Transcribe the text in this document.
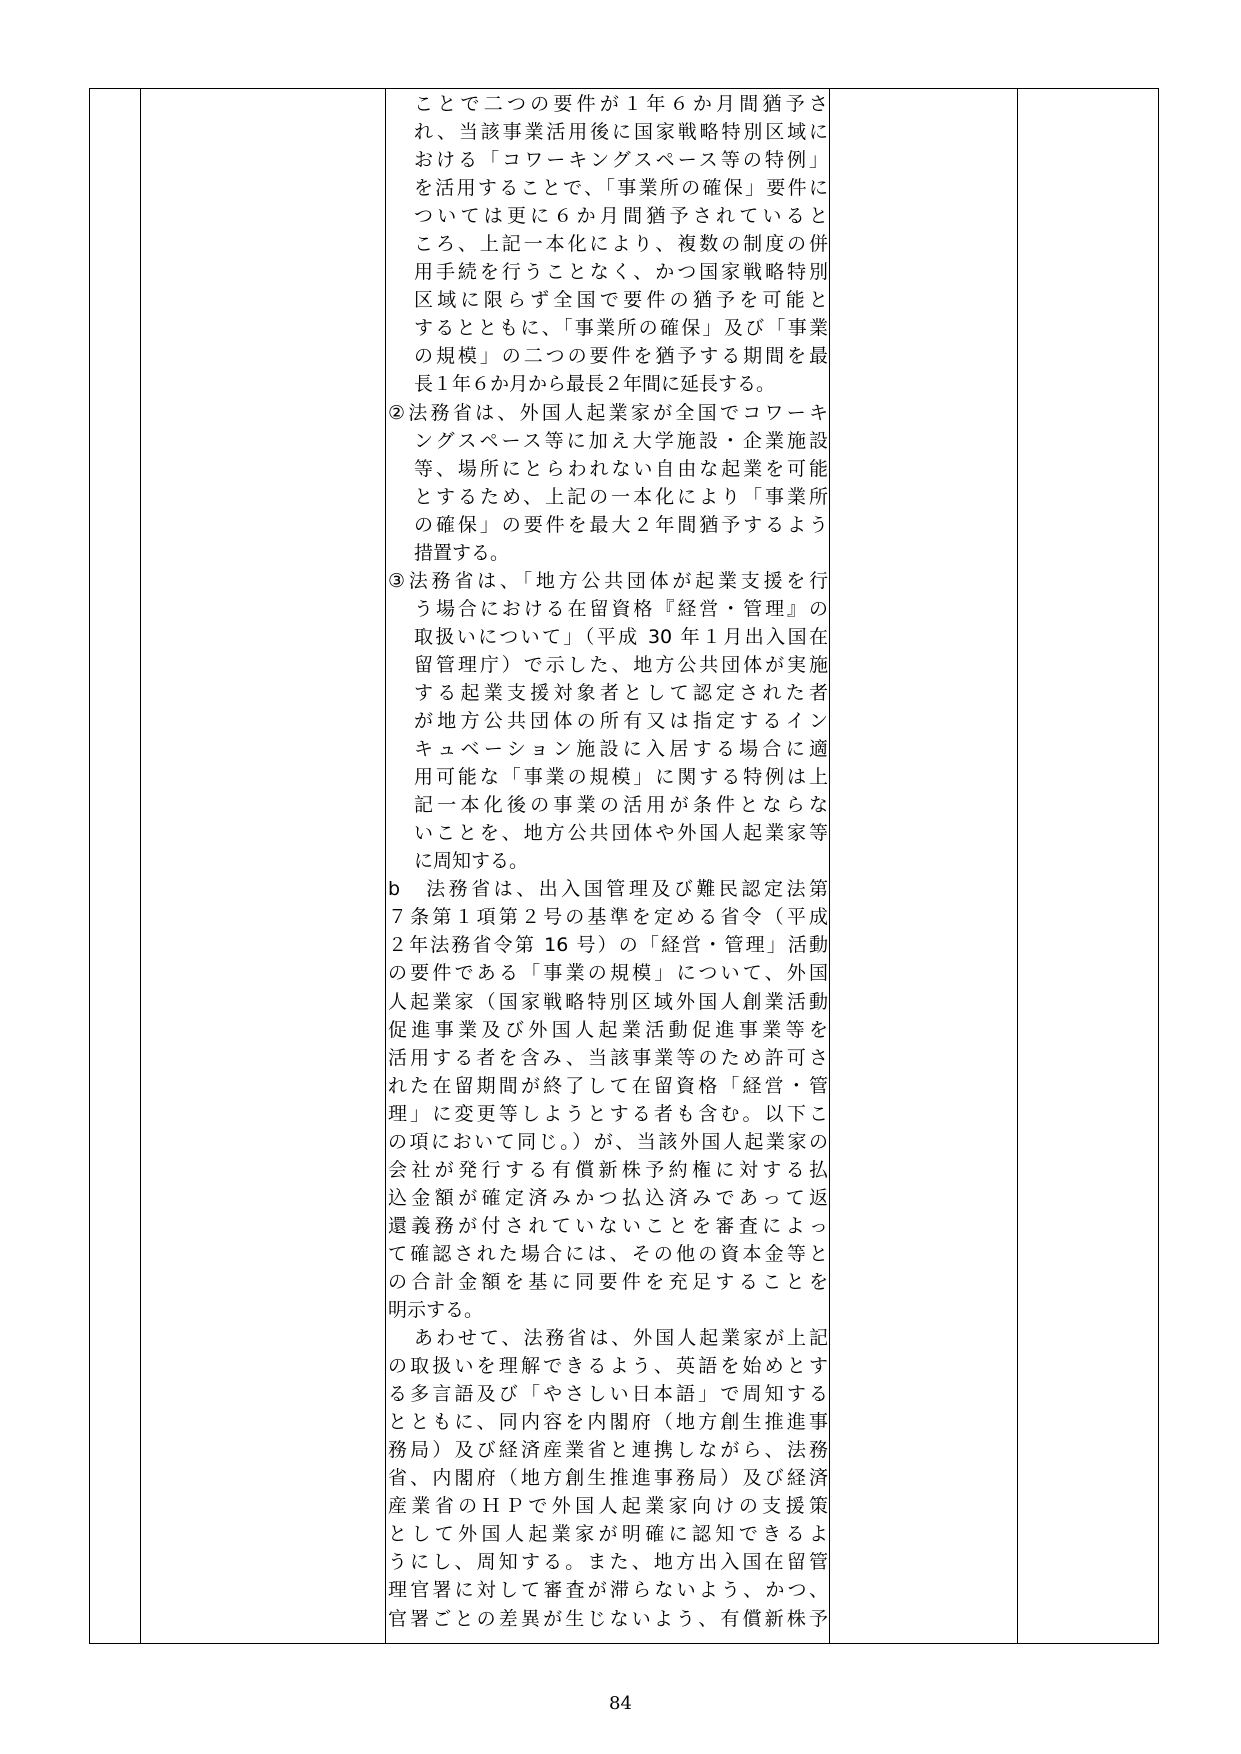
ことで二つの要件が１年６か月間猶予さ
れ、当該事業活用後に国家戦略特別区域に
おける「コワーキングスペース等の特例」
を活用することで、「事業所の確保」要件に
ついては更に６か月間猶予されていると
ころ、上記一本化により、複数の制度の併
用手続を行うことなく、かつ国家戦略特別
区域に限らず全国で要件の猶予を可能と
するとともに、「事業所の確保」及び「事業
の規模」の二つの要件を猶予する期間を最
長１年６か月から最長２年間に延長する。
②法務省は、外国人起業家が全国でコワーキ
ングスペース等に加え大学施設・企業施設
等、場所にとらわれない自由な起業を可能
とするため、上記の一本化により「事業所
の確保」の要件を最大２年間猶予するよう
措置する。
③法務省は、「地方公共団体が起業支援を行
う場合における在留資格『経営・管理』の
取扱いについて」（平成 30 年１月出入国在
留管理庁）で示した、地方公共団体が実施
する起業支援対象者として認定された者
が地方公共団体の所有又は指定するイン
キュベーション施設に入居する場合に適
用可能な「事業の規模」に関する特例は上
記一本化後の事業の活用が条件とならな
いことを、地方公共団体や外国人起業家等
に周知する。
b　法務省は、出入国管理及び難民認定法第
７条第１項第２号の基準を定める省令（平成
２年法務省令第 16 号）の「経営・管理」活動
の要件である「事業の規模」について、外国
人起業家（国家戦略特別区域外国人創業活動
促進事業及び外国人起業活動促進事業等を
活用する者を含み、当該事業等のため許可さ
れた在留期間が終了して在留資格「経営・管
理」に変更等しようとする者も含む。以下こ
の項において同じ。）が、当該外国人起業家の
会社が発行する有償新株予約権に対する払
込金額が確定済みかつ払込済みであって返
還義務が付されていないことを審査によっ
て確認された場合には、その他の資本金等と
の合計金額を基に同要件を充足することを
明示する。
あわせて、法務省は、外国人起業家が上記
の取扱いを理解できるよう、英語を始めとす
る多言語及び「やさしい日本語」で周知する
とともに、同内容を内閣府（地方創生推進事
務局）及び経済産業省と連携しながら、法務
省、内閣府（地方創生推進事務局）及び経済
産業省のＨＰで外国人起業家向けの支援策
として外国人起業家が明確に認知できるよ
うにし、周知する。また、地方出入国在留管
理官署に対して審査が滞らないよう、かつ、
官署ごとの差異が生じないよう、有償新株予
84
